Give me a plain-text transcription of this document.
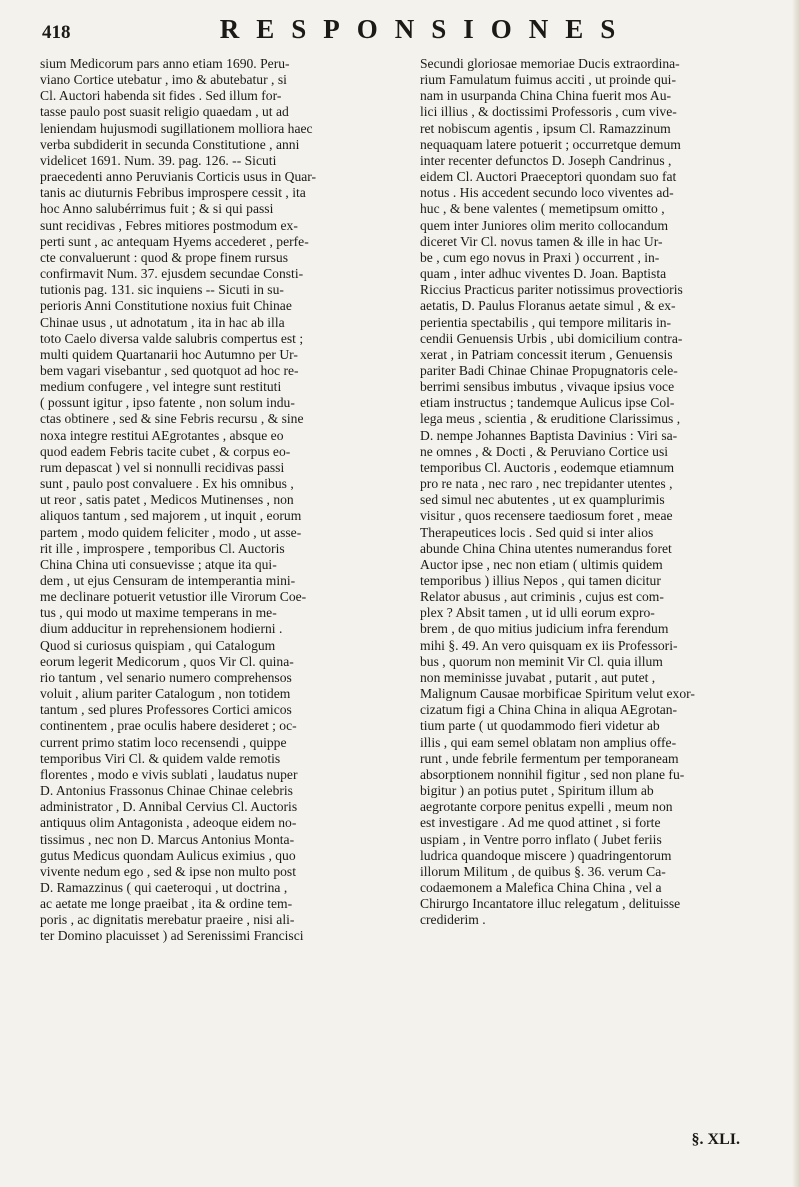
418	RESPONSIONES

sium Medicorum pars anno etiam 1690. Peru-
viano Cortice utebatur , imo & abutebatur , si
Cl. Auctori habenda sit fides . Sed illum for-
tasse paulo post suasit religio quaedam , ut ad
leniendam hujusmodi sugillationem molliora haec
verba subdiderit in secunda Constitutione , anni
videlicet 1691. Num. 39. pag. 126. -- Sicuti
praecedenti anno Peruvianis Corticis usus in Quar-
tanis ac diuturnis Febribus improspere cessit , ita
hoc Anno salubérrimus fuit ; & si qui passi
sunt recidivas , Febres mitiores postmodum ex-
perti sunt , ac antequam Hyems accederet , perfe-
cte convaluerunt : quod & prope finem rursus
confirmavit Num. 37. ejusdem secundae Consti-
tutionis pag. 131. sic inquiens -- Sicuti in su-
perioris Anni Constitutione noxius fuit Chinae
Chinae usus , ut adnotatum , ita in hac ab illa
toto Caelo diversa valde salubris compertus est ;
multi quidem Quartanarii hoc Autumno per Ur-
bem vagari visebantur , sed quotquot ad hoc re-
medium confugere , vel integre sunt restituti
( possunt igitur , ipso fatente , non solum indu-
ctas obtinere , sed & sine Febris recursu , & sine
noxa integre restitui AEgrotantes , absque eo
quod eadem Febris tacite cubet , & corpus eo-
rum depascat ) vel si nonnulli recidivas passi
sunt , paulo post convaluere . Ex his omnibus ,
ut reor , satis patet , Medicos Mutinenses , non
aliquos tantum , sed majorem , ut inquit , eorum
partem , modo quidem feliciter , modo , ut asse-
rit ille , improspere , temporibus Cl. Auctoris
China China uti consuevisse ; atque ita qui-
dem , ut ejus Censuram de intemperantia mini-
me declinare potuerit vetustior ille Virorum Coe-
tus , qui modo ut maxime temperans in me-
dium adducitur in reprehensionem hodierni .
Quod si curiosus quispiam , qui Catalogum
eorum legerit Medicorum , quos Vir Cl. quina-
rio tantum , vel senario numero comprehensos
voluit , alium pariter Catalogum , non totidem
tantum , sed plures Professores Cortici amicos
continentem , prae oculis habere desideret ; oc-
current primo statim loco recensendi , quippe
temporibus Viri Cl. & quidem valde remotis
florentes , modo e vivis sublati , laudatus nuper
D. Antonius Frassonus Chinae Chinae celebris
administrator , D. Annibal Cervius Cl. Auctoris
antiquus olim Antagonista , adeoque eidem no-
tissimus , nec non D. Marcus Antonius Monta-
gutus Medicus quondam Aulicus eximius , quo
vivente nedum ego , sed & ipse non multo post
D. Ramazzinus ( qui caeteroqui , ut doctrina ,
ac aetate me longe praeibat , ita & ordine tem-
poris , ac dignitatis merebatur praeire , nisi ali-
ter Domino placuisset ) ad Serenissimi Francisci

Secundi gloriosae memoriae Ducis extraordina-
rium Famulatum fuimus acciti , ut proinde qui-
nam in usurpanda China China fuerit mos Au-
lici illius , & doctissimi Professoris , cum vive-
ret nobiscum agentis , ipsum Cl. Ramazzinum
nequaquam latere potuerit ; occurretque demum
inter recenter defunctos D. Joseph Candrinus ,
eidem Cl. Auctori Praeceptori quondam suo fat
notus . His accedent secundo loco viventes ad-
huc , & bene valentes ( memetipsum omitto ,
quem inter Juniores olim merito collocandum
diceret Vir Cl. novus tamen & ille in hac Ur-
be , cum ego novus in Praxi ) occurrent , in-
quam , inter adhuc viventes D. Joan. Baptista
Riccius Practicus pariter notissimus provectioris
aetatis, D. Paulus Floranus aetate simul , & ex-
perientia spectabilis , qui tempore militaris in-
cendii Genuensis Urbis , ubi domicilium contra-
xerat , in Patriam concessit iterum , Genuensis
pariter Badi Chinae Chinae Propugnatoris cele-
berrimi sensibus imbutus , vivaque ipsius voce
etiam instructus ; tandemque Aulicus ipse Col-
lega meus , scientia , & eruditione Clarissimus ,
D. nempe Johannes Baptista Davinius : Viri sa-
ne omnes , & Docti , & Peruviano Cortice usi
temporibus Cl. Auctoris , eodemque etiamnum
pro re nata , nec raro , nec trepidanter utentes ,
sed simul nec abutentes , ut ex quamplurimis
visitur , quos recensere taediosum foret , meae
Therapeutices locis . Sed quid si inter alios
abunde China China utentes numerandus foret
Auctor ipse , nec non etiam ( ultimis quidem
temporibus ) illius Nepos , qui tamen dicitur
Relator abusus , aut criminis , cujus est com-
plex ? Absit tamen , ut id ulli eorum expro-
brem , de quo mitius judicium infra ferendum
mihi §. 49. An vero quisquam ex iis Professori-
bus , quorum non meminit Vir Cl. quia illum
non meminisse juvabat , putarit , aut putet ,
Malignum Causae morbificae Spiritum velut exor-
cizatum figi a China China in aliqua AEgrotan-
tium parte ( ut quodammodo fieri videtur ab
illis , qui eam semel oblatam non amplius offe-
runt , unde febrile fermentum per temporaneam
absorptionem nonnihil figitur , sed non plane fu-
bigitur ) an potius putet , Spiritum illum ab
aegrotante corpore penitus expelli , meum non
est investigare . Ad me quod attinet , si forte
uspiam , in Ventre porro inflato ( Jubet feriis
ludrica quandoque miscere ) quadringentorum
illorum Militum , de quibus §. 36. verum Ca-
codaemonem a Malefica China China , vel a
Chirurgo Incantatore illuc relegatum , delituisse
crediderim .

§. XLI.
